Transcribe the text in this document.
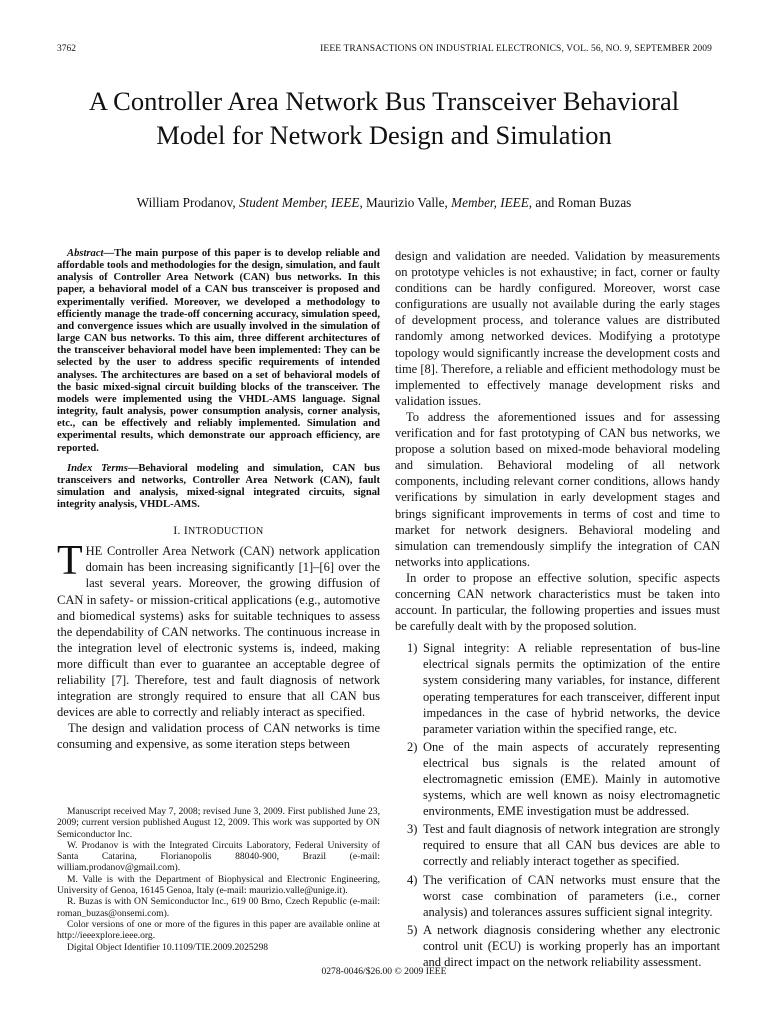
3762	IEEE TRANSACTIONS ON INDUSTRIAL ELECTRONICS, VOL. 56, NO. 9, SEPTEMBER 2009
A Controller Area Network Bus Transceiver Behavioral Model for Network Design and Simulation
William Prodanov, Student Member, IEEE, Maurizio Valle, Member, IEEE, and Roman Buzas

Abstract—The main purpose of this paper is to develop reliable and affordable tools and methodologies for the design, simulation, and fault analysis of Controller Area Network (CAN) bus networks. In this paper, a behavioral model of a CAN bus transceiver is proposed and experimentally verified. Moreover, we developed a methodology to efficiently manage the trade-off concerning accuracy, simulation speed, and convergence issues which are usually involved in the simulation of large CAN bus networks. To this aim, three different architectures of the transceiver behavioral model have been implemented: They can be selected by the user to address specific requirements of intended analyses. The architectures are based on a set of behavioral models of the basic mixed-signal circuit building blocks of the transceiver. The models were implemented using the VHDL-AMS language. Signal integrity, fault analysis, power consumption analysis, corner analysis, etc., can be effectively and reliably implemented. Simulation and experimental results, which demonstrate our approach efficiency, are reported.

Index Terms—Behavioral modeling and simulation, CAN bus transceivers and networks, Controller Area Network (CAN), fault simulation and analysis, mixed-signal integrated circuits, signal integrity analysis, VHDL-AMS.

I. INTRODUCTION

THE Controller Area Network (CAN) network application domain has been increasing significantly [1]–[6] over the last several years. Moreover, the growing diffusion of CAN in safety- or mission-critical applications (e.g., automotive and biomedical systems) asks for suitable techniques to assess the dependability of CAN networks. The continuous increase in the integration level of electronic systems is, indeed, making more difficult than ever to guarantee an acceptable degree of reliability [7]. Therefore, test and fault diagnosis of network integration are strongly required to ensure that all CAN bus devices are able to correctly and reliably interact as specified.

The design and validation process of CAN networks is time consuming and expensive, as some iteration steps between

Manuscript received May 7, 2008; revised June 3, 2009. First published June 23, 2009; current version published August 12, 2009. This work was supported by ON Semiconductor Inc.

W. Prodanov is with the Integrated Circuits Laboratory, Federal University of Santa Catarina, Florianopolis 88040-900, Brazil (e-mail: william.prodanov@gmail.com).

M. Valle is with the Department of Biophysical and Electronic Engineering, University of Genoa, 16145 Genoa, Italy (e-mail: maurizio.valle@unige.it).

R. Buzas is with ON Semiconductor Inc., 619 00 Brno, Czech Republic (e-mail: roman_buzas@onsemi.com).

Color versions of one or more of the figures in this paper are available online at http://ieeexplore.ieee.org.

Digital Object Identifier 10.1109/TIE.2009.2025298

design and validation are needed. Validation by measurements on prototype vehicles is not exhaustive; in fact, corner or faulty conditions can be hardly configured. Moreover, worst case configurations are usually not available during the early stages of development process, and tolerance values are distributed randomly among networked devices. Modifying a prototype topology would significantly increase the development costs and time [8]. Therefore, a reliable and efficient methodology must be implemented to effectively manage development risks and validation issues.

To address the aforementioned issues and for assessing verification and for fast prototyping of CAN bus networks, we propose a solution based on mixed-mode behavioral modeling and simulation. Behavioral modeling of all network components, including relevant corner conditions, allows handy verifications by simulation in early development stages and brings significant improvements in terms of cost and time to market for network designers. Behavioral modeling and simulation can tremendously simplify the integration of CAN networks into applications.

In order to propose an effective solution, specific aspects concerning CAN network characteristics must be taken into account. In particular, the following properties and issues must be carefully dealt with by the proposed solution.

1) Signal integrity: A reliable representation of bus-line electrical signals permits the optimization of the entire system considering many variables, for instance, different operating temperatures for each transceiver, different input impedances in the case of hybrid networks, the device parameter variation within the specified range, etc.
2) One of the main aspects of accurately representing electrical bus signals is the related amount of electromagnetic emission (EME). Mainly in automotive systems, which are well known as noisy electromagnetic environments, EME investigation must be addressed.
3) Test and fault diagnosis of network integration are strongly required to ensure that all CAN bus devices are able to correctly and reliably interact together as specified.
4) The verification of CAN networks must ensure that the worst case combination of parameters (i.e., corner analysis) and tolerances assures sufficient signal integrity.
5) A network diagnosis considering whether any electronic control unit (ECU) is working properly has an important and direct impact on the network reliability assessment.
0278-0046/$26.00 © 2009 IEEE
